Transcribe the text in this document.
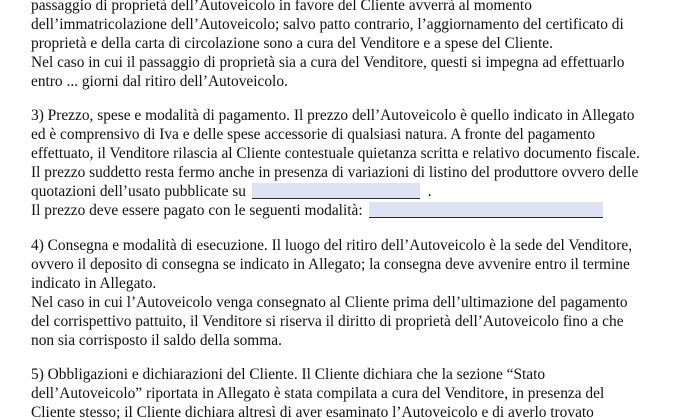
passaggio di proprietà dell’Autoveicolo in favore del Cliente avverrà al momento
dell’immatricolazione dell’Autoveicolo; salvo patto contrario, l’aggiornamento del certificato di
proprietà e della carta di circolazione sono a cura del Venditore e a spese del Cliente.
Nel caso in cui il passaggio di proprietà sia a cura del Venditore, questi si impegna ad effettuarlo
entro ... giorni dal ritiro dell’Autoveicolo.
3) Prezzo, spese e modalità di pagamento. Il prezzo dell’Autoveicolo è quello indicato in Allegato
ed è comprensivo di Iva e delle spese accessorie di qualsiasi natura. A fronte del pagamento
effettuato, il Venditore rilascia al Cliente contestuale quietanza scritta e relativo documento fiscale.
Il prezzo suddetto resta fermo anche in presenza di variazioni di listino del produttore ovvero delle
quotazioni dell’usato pubblicate su	.
Il prezzo deve essere pagato con le seguenti modalità:
4) Consegna e modalità di esecuzione. Il luogo del ritiro dell’Autoveicolo è la sede del Venditore,
ovvero il deposito di consegna se indicato in Allegato; la consegna deve avvenire entro il termine
indicato in Allegato.
Nel caso in cui l’Autoveicolo venga consegnato al Cliente prima dell’ultimazione del pagamento
del corrispettivo pattuito, il Venditore si riserva il diritto di proprietà dell’Autoveicolo fino a che
non sia corrisposto il saldo della somma.
5) Obbligazioni e dichiarazioni del Cliente. Il Cliente dichiara che la sezione “Stato
dell’Autoveicolo” riportata in Allegato è stata compilata a cura del Venditore, in presenza del
Cliente stesso; il Cliente dichiara altresì di aver esaminato l’Autoveicolo e di averlo trovato
